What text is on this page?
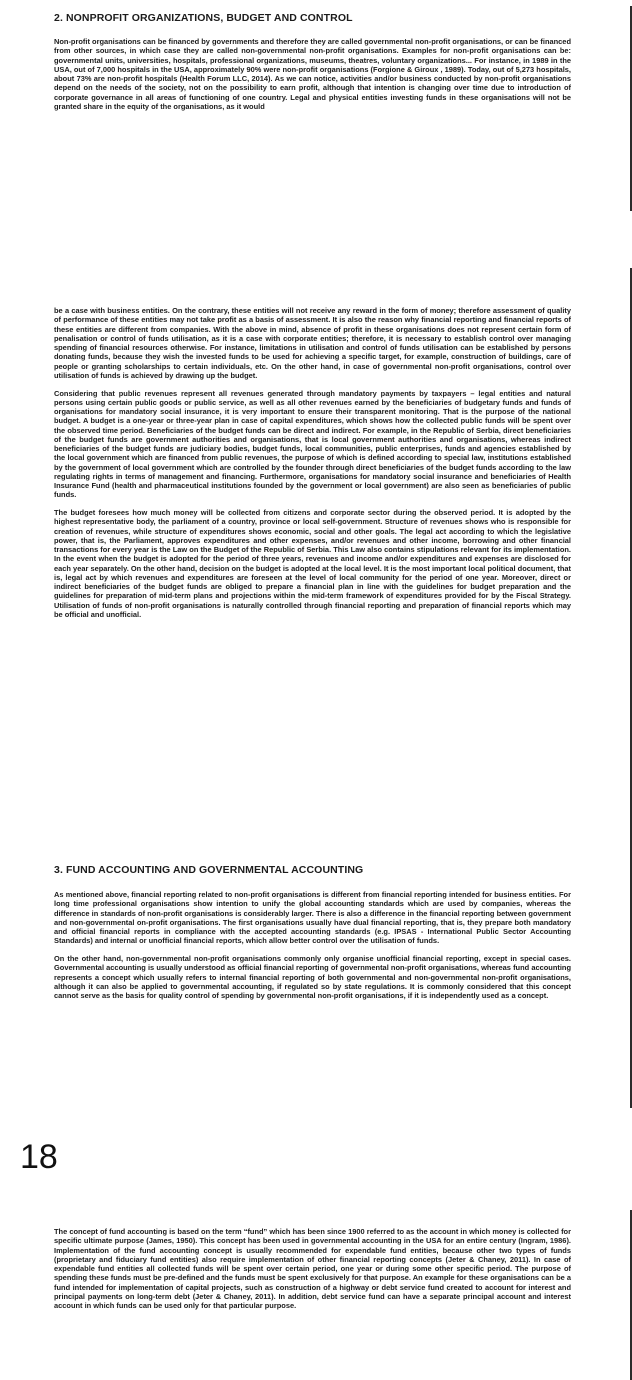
2. NONPROFIT ORGANIZATIONS, BUDGET AND CONTROL

Non-profit organisations can be financed by governments and therefore they are called governmental non-profit organisations, or can be financed from other sources, in which case they are called non-governmental non-profit organisations. Examples for non-profit organisations can be: governmental units, universities, hospitals, professional organizations, museums, theatres, voluntary organizations... For instance, in 1989 in the USA, out of 7,000 hospitals in the USA, approximately 90% were non-profit organisations (Forgione & Giroux , 1989). Today, out of 5,273 hospitals, about 73% are non-profit hospitals (Health Forum LLC, 2014). As we can notice, activities and/or business conducted by non-profit organisations depend on the needs of the society, not on the possibility to earn profit, although that intention is changing over time due to introduction of corporate governance in all areas of functioning of one country. Legal and physical entities investing funds in these organisations will not be granted share in the equity of the organisations, as it would

be a case with business entities. On the contrary, these entities will not receive any reward in the form of money; therefore assessment of quality of performance of these entities may not take profit as a basis of assessment. It is also the reason why financial reporting and financial reports of these entities are different from companies. With the above in mind, absence of profit in these organisations does not represent certain form of penalisation or control of funds utilisation, as it is a case with corporate entities; therefore, it is necessary to establish control over managing spending of financial resources otherwise. For instance, limitations in utilisation and control of funds utilisation can be established by persons donating funds, because they wish the invested funds to be used for achieving a specific target, for example, construction of buildings, care of people or granting scholarships to certain individuals, etc. On the other hand, in case of governmental non-profit organisations, control over utilisation of funds is achieved by drawing up the budget.

Considering that public revenues represent all revenues generated through mandatory payments by taxpayers – legal entities and natural persons using certain public goods or public service, as well as all other revenues earned by the beneficiaries of budgetary funds and funds of organisations for mandatory social insurance, it is very important to ensure their transparent monitoring. That is the purpose of the national budget. A budget is a one-year or three-year plan in case of capital expenditures, which shows how the collected public funds will be spent over the observed time period. Beneficiaries of the budget funds can be direct and indirect. For example, in the Republic of Serbia, direct beneficiaries of the budget funds are government authorities and organisations, that is local government authorities and organisations, whereas indirect beneficiaries of the budget funds are judiciary bodies, budget funds, local communities, public enterprises, funds and agencies established by the local government which are financed from public revenues, the purpose of which is defined according to special law, institutions established by the government of local government which are controlled by the founder through direct beneficiaries of the budget funds according to the law regulating rights in terms of management and financing. Furthermore, organisations for mandatory social insurance and beneficiaries of Health Insurance Fund (health and pharmaceutical institutions founded by the government or local government) are also seen as beneficiaries of public funds.

The budget foresees how much money will be collected from citizens and corporate sector during the observed period. It is adopted by the highest representative body, the parliament of a country, province or local self-government. Structure of revenues shows who is responsible for creation of revenues, while structure of expenditures shows economic, social and other goals. The legal act according to which the legislative power, that is, the Parliament, approves expenditures and other expenses, and/or revenues and other income, borrowing and other financial transactions for every year is the Law on the Budget of the Republic of Serbia. This Law also contains stipulations relevant for its implementation. In the event when the budget is adopted for the period of three years, revenues and income and/or expenditures and expenses are disclosed for each year separately. On the other hand, decision on the budget is adopted at the local level. It is the most important local political document, that is, legal act by which revenues and expenditures are foreseen at the level of local community for the period of one year. Moreover, direct or indirect beneficiaries of the budget funds are obliged to prepare a financial plan in line with the guidelines for budget preparation and the guidelines for preparation of mid-term plans and projections within the mid-term framework of expenditures provided for by the Fiscal Strategy. Utilisation of funds of non-profit organisations is naturally controlled through financial reporting and preparation of financial reports which may be official and unofficial.

3. FUND ACCOUNTING AND GOVERNMENTAL ACCOUNTING

As mentioned above, financial reporting related to non-profit organisations is different from financial reporting intended for business entities. For long time professional organisations show intention to unify the global accounting standards which are used by companies, whereas the difference in standards of non-profit organisations is considerably larger. There is also a difference in the financial reporting between government and non-governmental on-profit organisations. The first organisations usually have dual financial reporting, that is, they prepare both mandatory and official financial reports in compliance with the accepted accounting standards (e.g. IPSAS - International Public Sector Accounting Standards) and internal or unofficial financial reports, which allow better control over the utilisation of funds.

On the other hand, non-governmental non-profit organisations commonly only organise unofficial financial reporting, except in special cases. Governmental accounting is usually understood as official financial reporting of governmental non-profit organisations, whereas fund accounting represents a concept which usually refers to internal financial reporting of both governmental and non-governmental non-profit organisations, although it can also be applied to governmental accounting, if regulated so by state regulations. It is commonly considered that this concept cannot serve as the basis for quality control of spending by governmental non-profit organisations, if it is independently used as a concept.

18

The concept of fund accounting is based on the term “fund” which has been since 1900 referred to as the account in which money is collected for specific ultimate purpose (James, 1950). This concept has been used in governmental accounting in the USA for an entire century (Ingram, 1986). Implementation of the fund accounting concept is usually recommended for expendable fund entities, because other two types of funds (proprietary and fiduciary fund entities) also require implementation of other financial reporting concepts (Jeter & Chaney, 2011). In case of expendable fund entities all collected funds will be spent over certain period, one year or during some other specific period. The purpose of spending these funds must be pre-defined and the funds must be spent exclusively for that purpose. An example for these organisations can be a fund intended for implementation of capital projects, such as construction of a highway or debt service fund created to account for interest and principal payments on long-term debt (Jeter & Chaney, 2011). In addition, debt service fund can have a separate principal account and interest account in which funds can be used only for that particular purpose.
